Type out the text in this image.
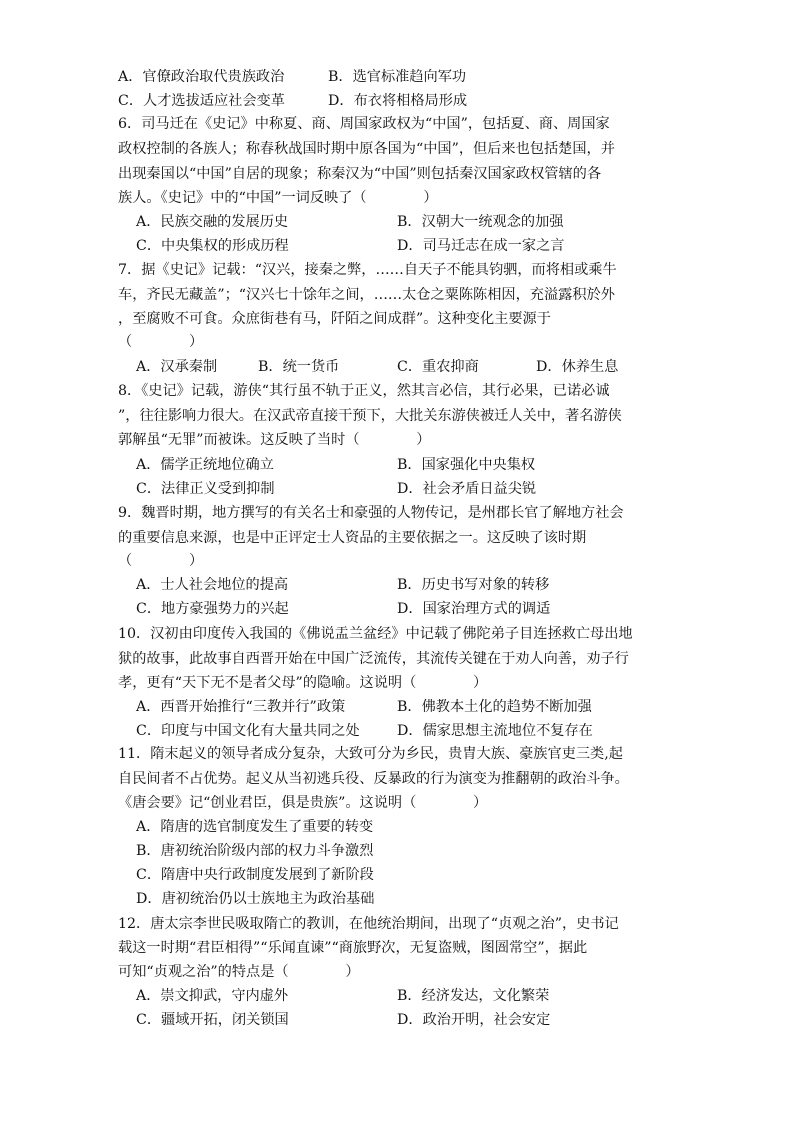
A．官僚政治取代贵族政治	B．选官标准趋向军功
C．人才选拔适应社会变革	D．布衣将相格局形成
6．司马迁在《史记》中称夏、商、周国家政权为“中国”，包括夏、商、周国家
政权控制的各族人；称春秋战国时期中原各国为“中国”，但后来也包括楚国，并
出现秦国以“中国”自居的现象；称秦汉为“中国”则包括秦汉国家政权管辖的各
族人。《史记》中的“中国”一词反映了（　　　　）
A．民族交融的发展历史	B．汉朝大一统观念的加强
C．中央集权的形成历程	D．司马迁志在成一家之言
7．据《史记》记载：“汉兴，接秦之弊，……自天子不能具钧驷，而将相或乘牛
车，齐民无藏盖”；“汉兴七十馀年之间，……太仓之粟陈陈相因，充溢露积於外
，至腐败不可食。众庶街巷有马，阡陌之间成群”。这种变化主要源于
（　　　　）
A．汉承秦制	B．统一货币	C．重农抑商	D．休养生息
8．《史记》记载，游侠“其行虽不轨于正义，然其言必信，其行必果，已诺必诚
”，往往影响力很大。在汉武帝直接干预下，大批关东游侠被迁人关中，著名游侠
郭解虽“无罪”而被诛。这反映了当时（　　　　）
A．儒学正统地位确立	B．国家强化中央集权
C．法律正义受到抑制	D．社会矛盾日益尖锐
9．魏晋时期，地方撰写的有关名士和豪强的人物传记，是州郡长官了解地方社会
的重要信息来源，也是中正评定士人资品的主要依据之一。这反映了该时期
（　　　　）
A．士人社会地位的提高	B．历史书写对象的转移
C．地方豪强势力的兴起	D．国家治理方式的调适
10．汉初由印度传入我国的《佛说盂兰盆经》中记载了佛陀弟子目连拯救亡母出地
狱的故事，此故事自西晋开始在中国广泛流传，其流传关键在于劝人向善，劝子行
孝，更有“天下无不是者父母”的隐喻。这说明（　　　　）
A．西晋开始推行“三教并行”政策	B．佛教本土化的趋势不断加强
C．印度与中国文化有大量共同之处	D．儒家思想主流地位不复存在
11．隋末起义的领导者成分复杂，大致可分为乡民，贵胄大族、豪族官吏三类,起
自民间者不占优势。起义从当初逃兵役、反暴政的行为演变为推翻朝的政治斗争。
《唐会要》记“创业君臣，俱是贵族”。这说明（　　　　）
A．隋唐的选官制度发生了重要的转变
B．唐初统治阶级内部的权力斗争激烈
C．隋唐中央行政制度发展到了新阶段
D．唐初统治仍以士族地主为政治基础
12．唐太宗李世民吸取隋亡的教训，在他统治期间，出现了“贞观之治”，史书记
载这一时期“君臣相得”“乐闻直谏”“商旅野次，无复盗贼，图圄常空”，据此
可知“贞观之治”的特点是（　　　　）
A．崇文抑武，守内虚外	B．经济发达，文化繁荣
C．疆域开拓，闭关锁国	D．政治开明，社会安定
